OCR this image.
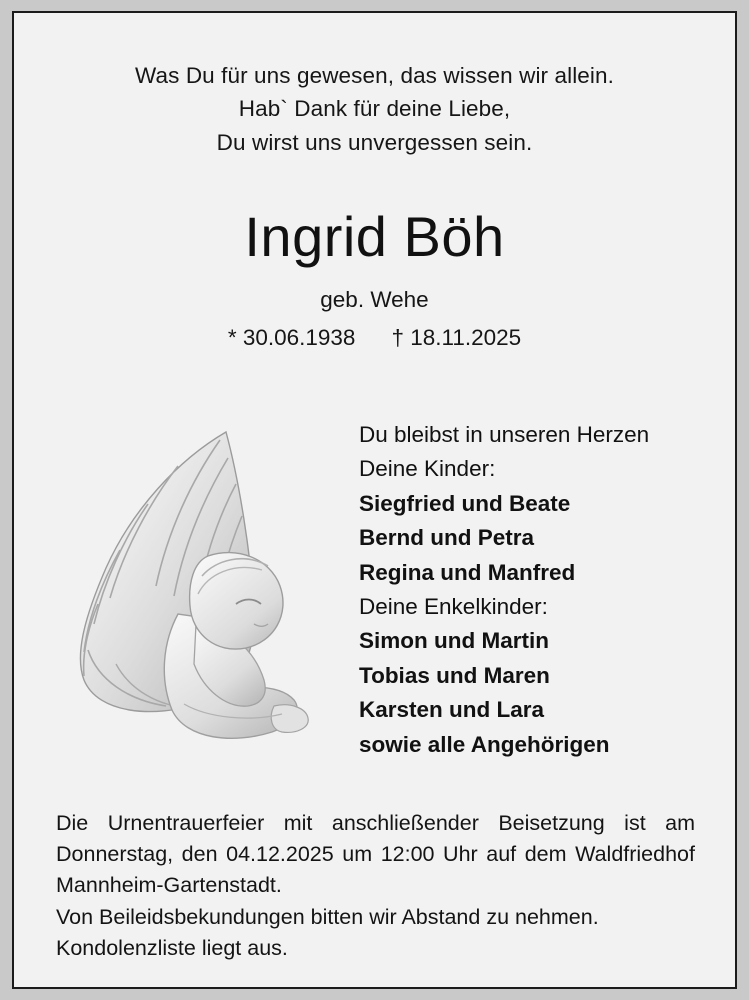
Was Du für uns gewesen, das wissen wir allein.
Hab` Dank für deine Liebe,
Du wirst uns unvergessen sein.
Ingrid Böh
geb. Wehe
* 30.06.1938 † 18.11.2025
Du bleibst in unseren Herzen
Deine Kinder:
Siegfried und Beate
Bernd und Petra
Regina und Manfred
Deine Enkelkinder:
Simon und Martin
Tobias und Maren
Karsten und Lara
sowie alle Angehörigen

Die Urnentrauerfeier mit anschließender Beisetzung ist am Donnerstag, den 04.12.2025 um 12:00 Uhr auf dem Waldfriedhof Mannheim-Gartenstadt.

Von Beileidsbekundungen bitten wir Abstand zu nehmen.

Kondolenzliste liegt aus.
